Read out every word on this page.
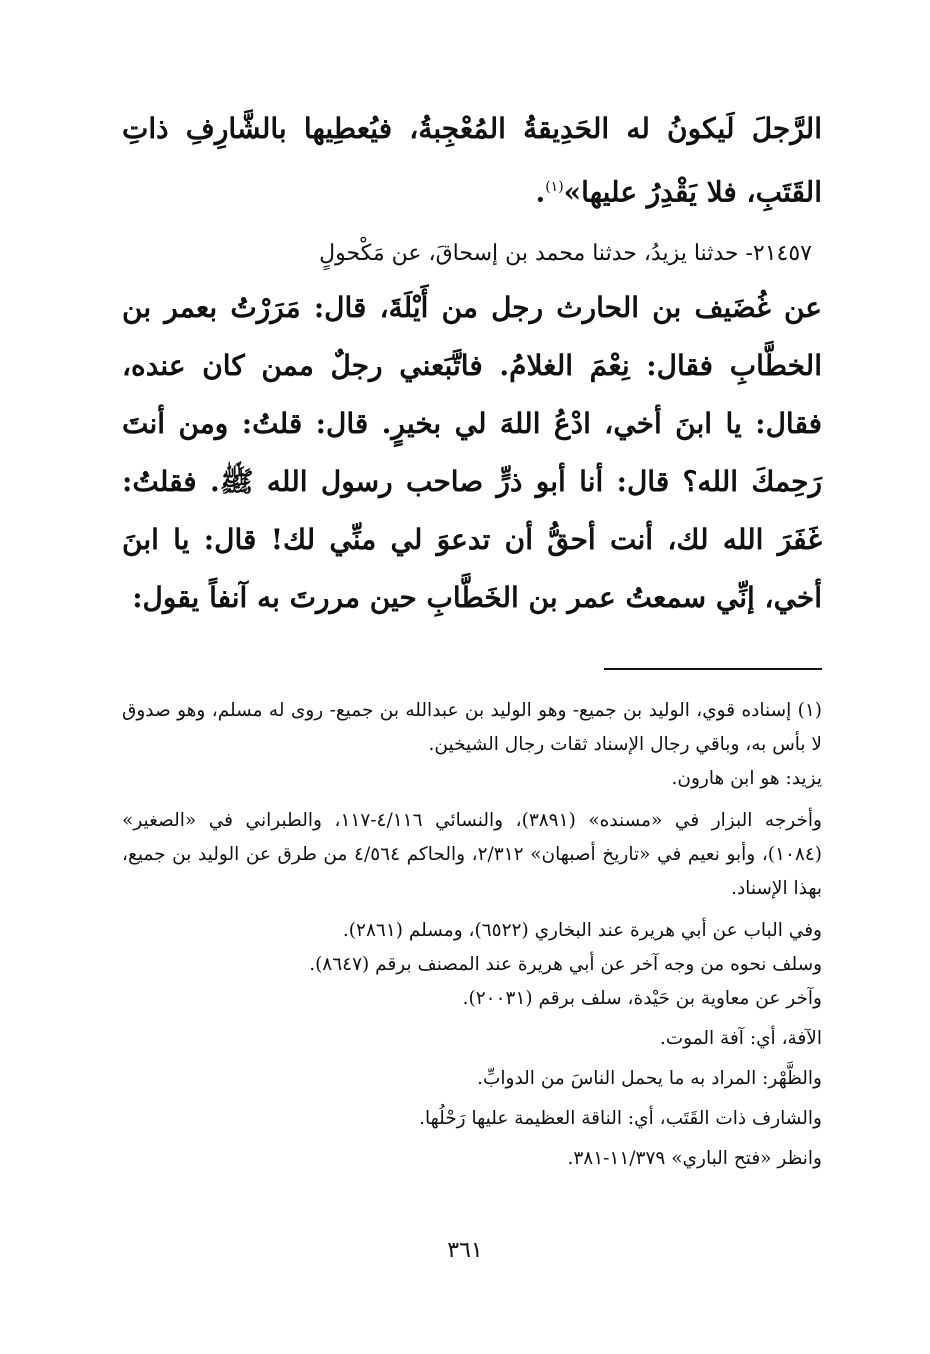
الرَّجلَ لَيكونُ له الحَدِيقةُ المُعْجِبةُ، فيُعطِيها بالشَّارِفِ ذاتِ القَتَبِ، فلا يَقْدِرُ عليها»$^{(١)}$.

٢١٤٥٧- حدثنا يزيدُ، حدثنا محمد بن إسحاقَ، عن مَكْحولٍ

عن غُضَيف بن الحارث رجل من أَيْلَةَ، قال: مَرَرْتُ بعمر بن الخطَّابِ فقال: نِعْمَ الغلامُ. فاتَّبَعني رجلٌ ممن كان عنده، فقال: يا ابنَ أخي، ادْعُ اللهَ لي بخيرٍ. قال: قلتُ: ومن أنتَ رَحِمكَ الله؟ قال: أنا أبو ذرٍّ صاحب رسول الله ﷺ. فقلتُ: غَفَرَ الله لك، أنت أحقُّ أن تدعوَ لي منِّي لك! قال: يا ابنَ أخي، إنِّي سمعتُ عمر بن الخَطَّابِ حين مررتَ به آنفاً يقول:

(١) إسناده قوي، الوليد بن جميع- وهو الوليد بن عبدالله بن جميع- روى له مسلم، وهو صدوق لا بأس به، وباقي رجال الإسناد ثقات رجال الشيخين.

يزيد: هو ابن هارون.

وأخرجه البزار في «مسنده» (٣٨٩١)، والنسائي ٤/١١٦-١١٧، والطبراني في «الصغير» (١٠٨٤)، وأبو نعيم في «تاريخ أصبهان» ٢/٣١٢، والحاكم ٤/٥٦٤ من طرق عن الوليد بن جميع، بهذا الإسناد.

وفي الباب عن أبي هريرة عند البخاري (٦٥٢٢)، ومسلم (٢٨٦١).

وسلف نحوه من وجه آخر عن أبي هريرة عند المصنف برقم (٨٦٤٧).

وآخر عن معاوية بن حَيْدة، سلف برقم (٢٠٠٣١).

الآفة، أي: آفة الموت.

والظَّهْر: المراد به ما يحمل الناسَ من الدوابِّ.

والشارف ذات القَتَب، أي: الناقة العظيمة عليها رَحْلُها.

وانظر «فتح الباري» ١١/٣٧٩-٣٨١.

٣٦١
